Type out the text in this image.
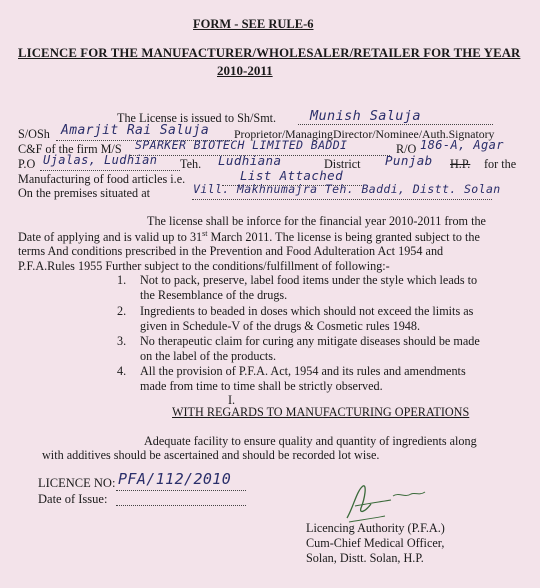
FORM - SEE RULE-6
LICENCE FOR THE MANUFACTURER/WHOLESALER/RETAILER FOR THE YEAR
2010-2011
The License is issued to Sh/Smt.	Munish Saluja
S/OSh Amarjit Rai Saluja Proprietor/ManagingDirector/Nominee/Auth.Signatory
C&F of the firm M/S SPARKER BIOTECH LIMITED BADDI	R/O 186-A, Agar
P.O Ujalas, Ludhian Teh. Ludhiana	District Punjab H.P. for the
Manufacturing of food articles i.e.	List Attached
On the premises situated at	Vill. Makhnumajra Teh. Baddi, Distt. Solan
The license shall be inforce for the financial year 2010-2011 from the
Date of applying and is valid up to 31st March 2011. The license is being granted subject to the
terms And conditions prescribed in the Prevention and Food Adulteration Act 1954 and
P.F.A.Rules 1955 Further subject to the conditions/fulfillment of following:-
1. Not to pack, preserve, label food items under the style which leads to
the Resemblance of the drugs.
2. Ingredients to beaded in doses which should not exceed the limits as
given in Schedule-V of the drugs & Cosmetic rules 1948.
3. No therapeutic claim for curing any mitigate diseases should be made
on the label of the products.
4. All the provision of P.F.A. Act, 1954 and its rules and amendments
made from time to time shall be strictly observed.
I.
WITH REGARDS TO MANUFACTURING OPERATIONS
Adequate facility to ensure quality and quantity of ingredients along
with additives should be ascertained and should be recorded lot wise.
LICENCE NO: PFA/112/2010
Date of Issue:
Licencing Authority (P.F.A.)
Cum-Chief Medical Officer,
Solan, Distt. Solan, H.P.
